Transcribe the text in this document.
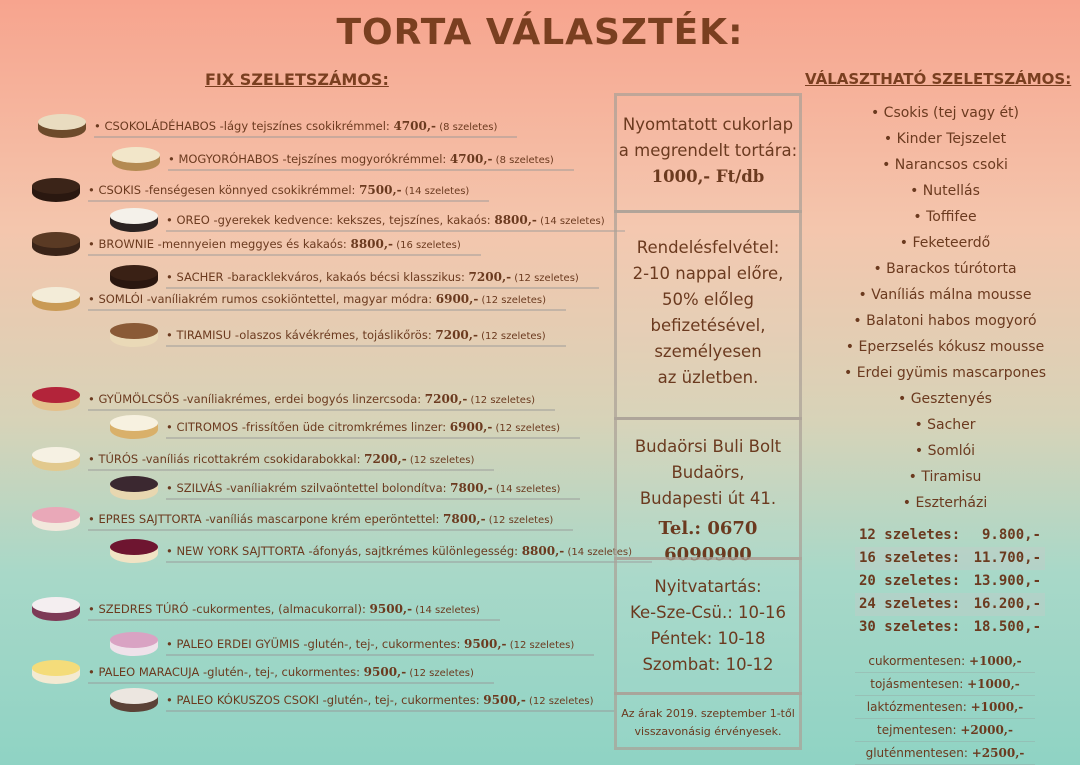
TORTA VÁLASZTÉK:
FIX SZELETSZÁMOS:	VÁLASZTHATÓ SZELETSZÁMOS:
• CSOKOLÁDÉHABOS -lágy tejszínes csokikrémmel: 4700,- (8 szeletes)
• MOGYORÓHABOS -tejszínes mogyorókrémmel: 4700,- (8 szeletes)
• CSOKIS -fenségesen könnyed csokikrémmel: 7500,- (14 szeletes)
• OREO -gyerekek kedvence: kekszes, tejszínes, kakaós: 8800,- (14 szeletes)
• BROWNIE -mennyeien meggyes és kakaós: 8800,- (16 szeletes)
• SACHER -baracklekváros, kakaós bécsi klasszikus: 7200,- (12 szeletes)
• SOMLÓI -vaníliakrém rumos csokiöntettel, magyar módra: 6900,- (12 szeletes)
• TIRAMISU -olaszos kávékrémes, tojáslikőrös: 7200,- (12 szeletes)
• GYÜMÖLCSÖS -vaníliakrémes, erdei bogyós linzercsoda: 7200,- (12 szeletes)
• CITROMOS -frissítően üde citromkrémes linzer: 6900,- (12 szeletes)
• TÚRÓS -vaníliás ricottakrém csokidarabokkal: 7200,- (12 szeletes)
• SZILVÁS -vaníliakrém szilvaöntettel bolondítva: 7800,- (14 szeletes)
• EPRES SAJTTORTA -vaníliás mascarpone krém eperöntettel: 7800,- (12 szeletes)
• NEW YORK SAJTTORTA -áfonyás, sajtkrémes különlegesség: 8800,- (14 szeletes)
• SZEDRES TÚRÓ -cukormentes, (almacukorral): 9500,- (14 szeletes)
• PALEO ERDEI GYÜMIS -glutén-, tej-, cukormentes: 9500,- (12 szeletes)
• PALEO MARACUJA -glutén-, tej-, cukormentes: 9500,- (12 szeletes)
• PALEO KÓKUSZOS CSOKI -glutén-, tej-, cukormentes: 9500,- (12 szeletes)
Nyomtatott cukorlap
a megrendelt tortára:
1000,- Ft/db
Rendelésfelvétel:
2-10 nappal előre,
50% előleg
befizetésével,
személyesen
az üzletben.
Budaörsi Buli Bolt
Budaörs,
Budapesti út 41.
Tel.: 0670 6090900
Nyitvatartás:
Ke-Sze-Csü.: 10-16
Péntek: 10-18
Szombat: 10-12
Az árak 2019. szeptember 1-től
visszavonásig érvényesek.
• Csokis (tej vagy ét)
• Kinder Tejszelet
• Narancsos csoki
• Nutellás
• Toffifee
• Feketeerdő
• Barackos túrótorta
• Vaníliás málna mousse
• Balatoni habos mogyoró
• Eperzselés kókusz mousse
• Erdei gyümis mascarpones
• Gesztenyés
• Sacher
• Somlói
• Tiramisu
• Eszterházi
12 szeletes: 9.800,-
16 szeletes: 11.700,-
20 szeletes: 13.900,-
24 szeletes: 16.200,-
30 szeletes: 18.500,-
cukormentesen: +1000,-
tojásmentesen: +1000,-
laktózmentesen: +1000,-
tejmentesen: +2000,-
gluténmentesen: +2500,-
